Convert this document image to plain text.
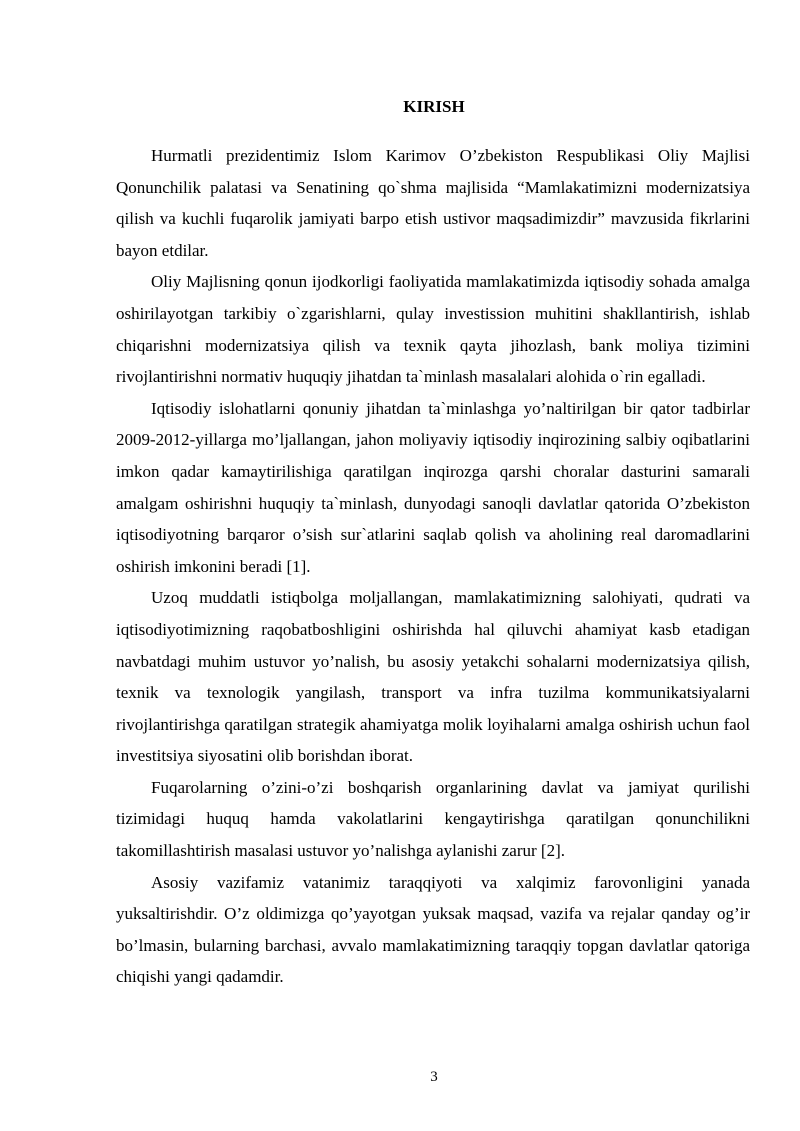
KIRISH

Hurmatli prezidentimiz Islom Karimov O’zbekiston Respublikasi Oliy Majlisi Qonunchilik palatasi va Senatining qo`shma majlisida “Mamlakatimizni modernizatsiya qilish va kuchli fuqarolik jamiyati barpo etish ustivor maqsadimizdir” mavzusida fikrlarini bayon etdilar.

Oliy Majlisning qonun ijodkorligi faoliyatida mamlakatimizda iqtisodiy sohada amalga oshirilayotgan tarkibiy o`zgarishlarni, qulay investission muhitini shakllantirish, ishlab chiqarishni modernizatsiya qilish va texnik qayta jihozlash, bank moliya tizimini rivojlantirishni normativ huquqiy jihatdan ta`minlash masalalari alohida o`rin egalladi.

Iqtisodiy islohatlarni qonuniy jihatdan ta`minlashga yo’naltirilgan bir qator tadbirlar 2009-2012-yillarga mo’ljallangan, jahon moliyaviy iqtisodiy inqirozining salbiy oqibatlarini imkon qadar kamaytirilishiga qaratilgan inqirozga qarshi choralar dasturini samarali amalgam oshirishni huquqiy ta`minlash, dunyodagi sanoqli davlatlar qatorida O’zbekiston iqtisodiyotning barqaror o’sish sur`atlarini saqlab qolish va aholining real daromadlarini oshirish imkonini beradi [1].

Uzoq muddatli istiqbolga moljallangan, mamlakatimizning salohiyati, qudrati va iqtisodiyotimizning raqobatboshligini oshirishda hal qiluvchi ahamiyat kasb etadigan navbatdagi muhim ustuvor yo’nalish, bu asosiy yetakchi sohalarni modernizatsiya qilish, texnik va texnologik yangilash, transport va infra tuzilma kommunikatsiyalarni rivojlantirishga qaratilgan strategik ahamiyatga molik loyihalarni amalga oshirish uchun faol investitsiya siyosatini olib borishdan iborat.

Fuqarolarning o’zini-o’zi boshqarish organlarining davlat va jamiyat qurilishi tizimidagi huquq hamda vakolatlarini kengaytirishga qaratilgan qonunchilikni takomillashtirish masalasi ustuvor yo’nalishga aylanishi zarur [2].

Asosiy vazifamiz vatanimiz taraqqiyoti va xalqimiz farovonligini yanada yuksaltirishdir. O’z oldimizga qo’yayotgan yuksak maqsad, vazifa va rejalar qanday og’ir bo’lmasin, bularning barchasi, avvalo mamlakatimizning taraqqiy topgan davlatlar qatoriga chiqishi yangi qadamdir.

3
